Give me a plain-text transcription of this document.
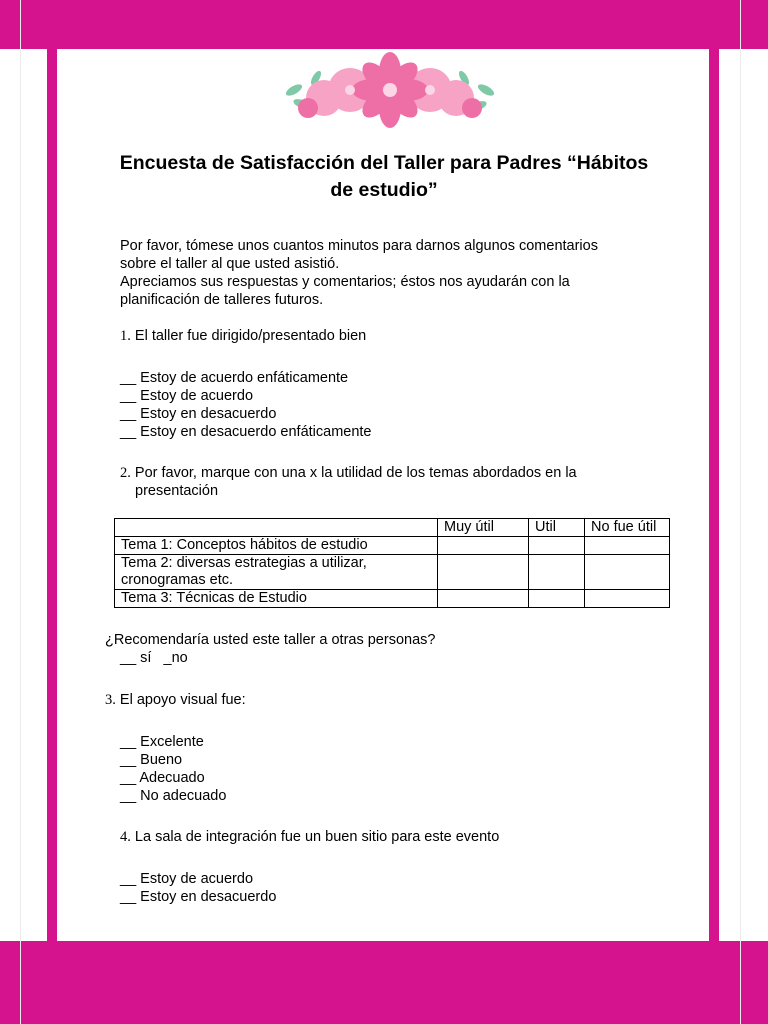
Encuesta de Satisfacción del Taller para Padres “Hábitos
de estudio”
Por favor, tómese unos cuantos minutos para darnos algunos comentarios
sobre el taller al que usted asistió.
Apreciamos sus respuestas y comentarios; éstos nos ayudarán con la
planificación de talleres futuros.
1. El taller fue dirigido/presentado bien
__ Estoy de acuerdo enfáticamente
__ Estoy de acuerdo
__ Estoy en desacuerdo
__ Estoy en desacuerdo enfáticamente
2. Por favor, marque con una x la utilidad de los temas abordados en la
presentación
	Muy útil	Util	No fue útil
Tema 1: Conceptos hábitos de estudio			

Tema 2: diversas estrategias a utilizar,
cronogramas etc.			

Tema 3: Técnicas de Estudio			
¿Recomendaría usted este taller a otras personas?
__ sí   _no
3. El apoyo visual fue:
__ Excelente
__ Bueno
__ Adecuado
__ No adecuado
4. La sala de integración fue un buen sitio para este evento
__ Estoy de acuerdo
__ Estoy en desacuerdo
